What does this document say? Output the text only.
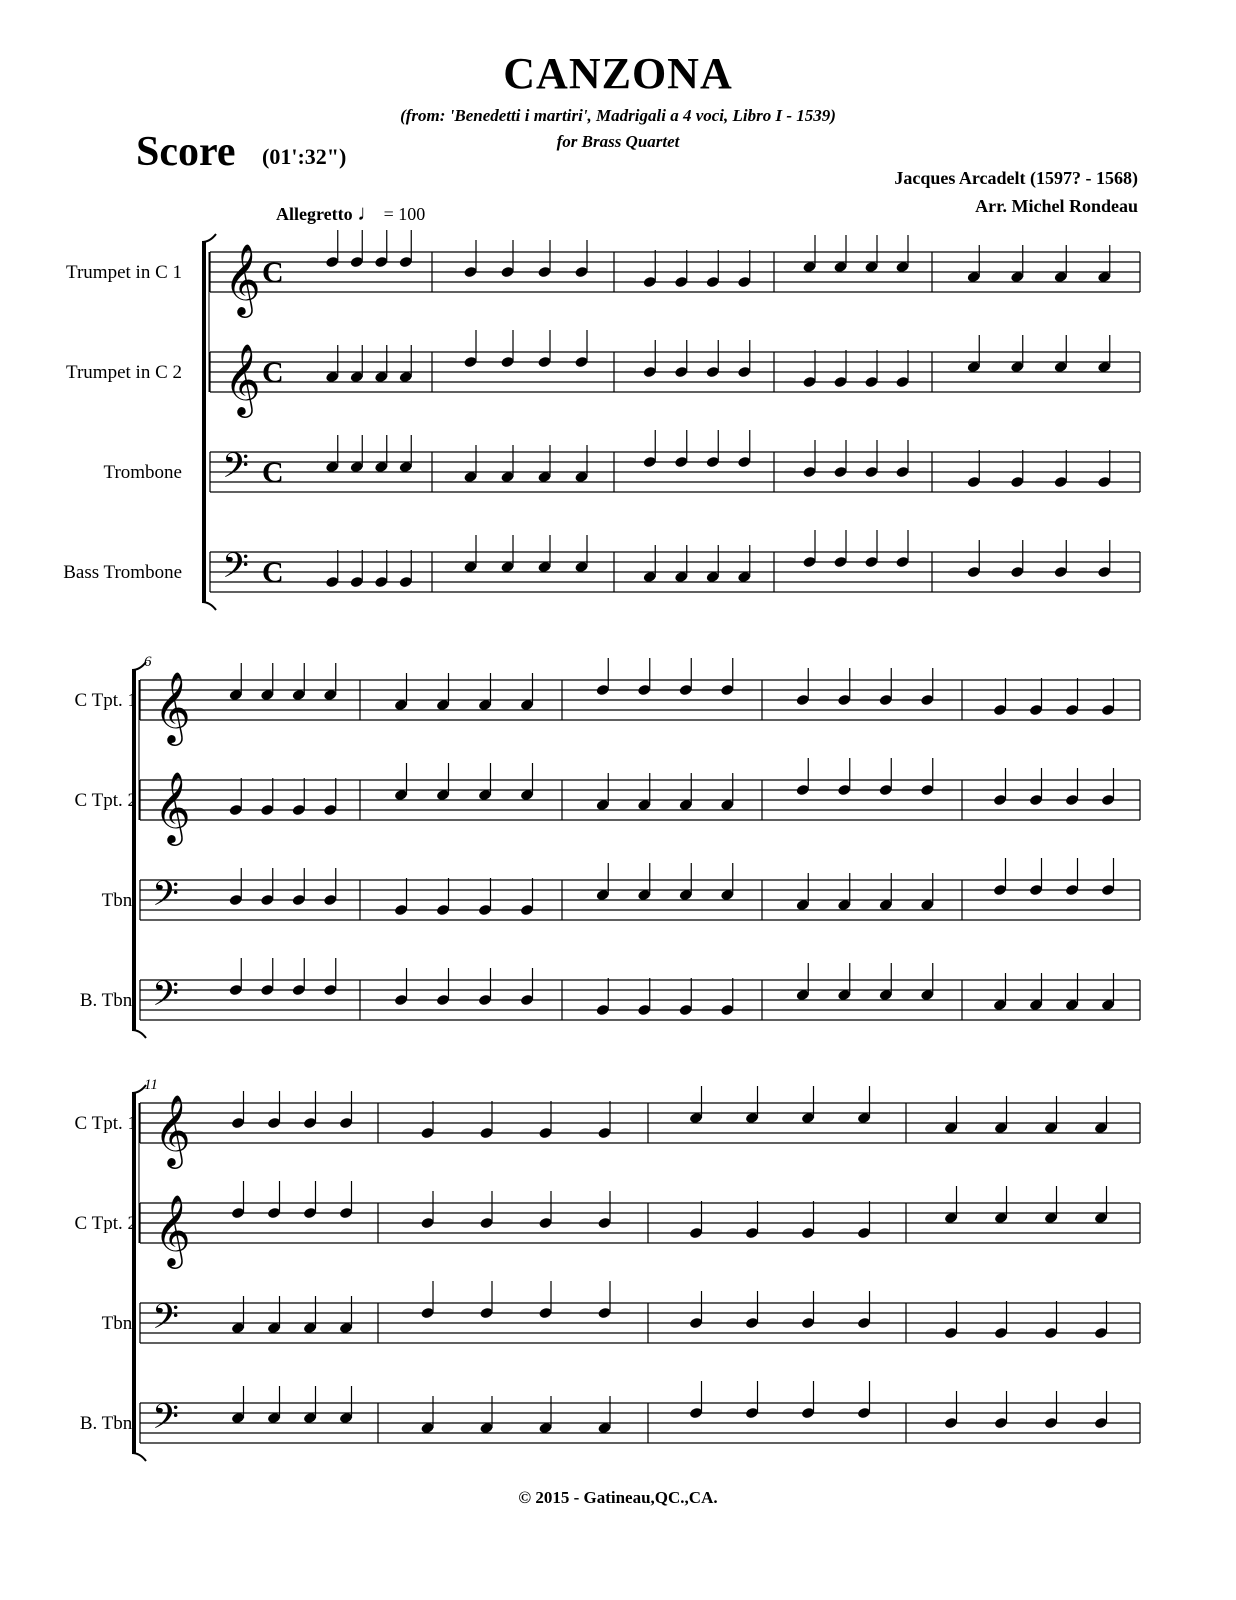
CANZONA
(from: 'Benedetti i martiri', Madrigali a 4 voci, Libro I - 1539)
for Brass Quartet
Score (01':32")
Jacques Arcadelt (1597? - 1568)
Arr. Michel Rondeau
Allegretto ♩ = 100
Trumpet in C 1 𝄞 C
Trumpet in C 2 𝄞 C
Trombone 𝄢 C
Bass Trombone 𝄢 C
C Tpt. 1 𝄞
C Tpt. 2 𝄞
Tbn. 𝄢
B. Tbn. 𝄢
6
C Tpt. 1 𝄞
C Tpt. 2 𝄞
Tbn. 𝄢
B. Tbn. 𝄢
11
© 2015 - Gatineau,QC.,CA.
